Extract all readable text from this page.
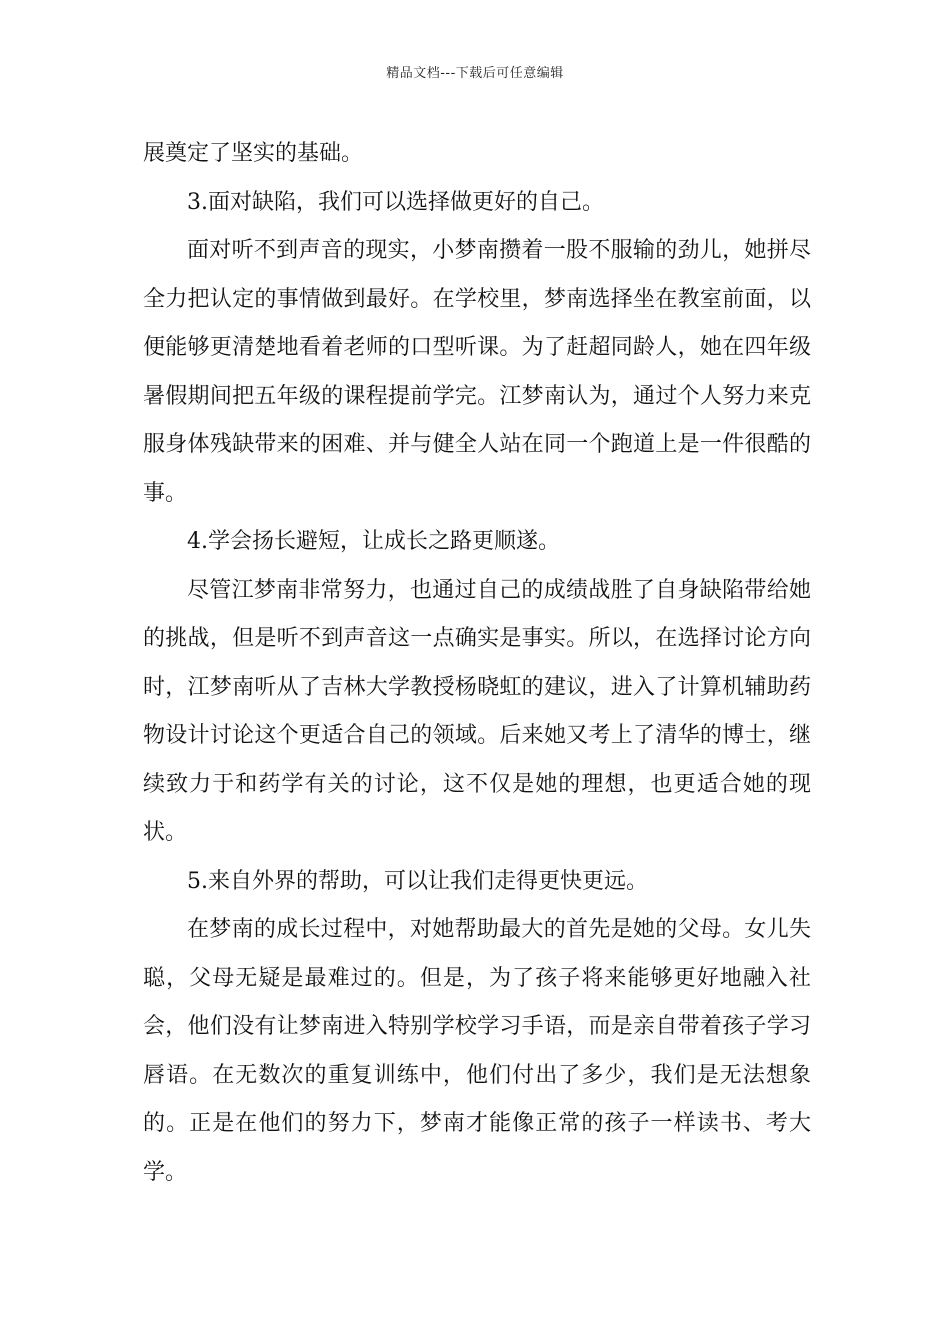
精品文档---下载后可任意编辑

展奠定了坚实的基础。

3.面对缺陷，我们可以选择做更好的自己。

面对听不到声音的现实，小梦南攒着一股不服输的劲儿，她拼尽全力把认定的事情做到最好。在学校里，梦南选择坐在教室前面，以便能够更清楚地看着老师的口型听课。为了赶超同龄人，她在四年级暑假期间把五年级的课程提前学完。江梦南认为，通过个人努力来克服身体残缺带来的困难、并与健全人站在同一个跑道上是一件很酷的事。

4.学会扬长避短，让成长之路更顺遂。

尽管江梦南非常努力，也通过自己的成绩战胜了自身缺陷带给她的挑战，但是听不到声音这一点确实是事实。所以，在选择讨论方向时，江梦南听从了吉林大学教授杨晓虹的建议，进入了计算机辅助药物设计讨论这个更适合自己的领域。后来她又考上了清华的博士，继续致力于和药学有关的讨论，这不仅是她的理想，也更适合她的现状。

5.来自外界的帮助，可以让我们走得更快更远。

在梦南的成长过程中，对她帮助最大的首先是她的父母。女儿失聪，父母无疑是最难过的。但是，为了孩子将来能够更好地融入社会，他们没有让梦南进入特别学校学习手语，而是亲自带着孩子学习唇语。在无数次的重复训练中，他们付出了多少，我们是无法想象的。正是在他们的努力下，梦南才能像正常的孩子一样读书、考大学。
